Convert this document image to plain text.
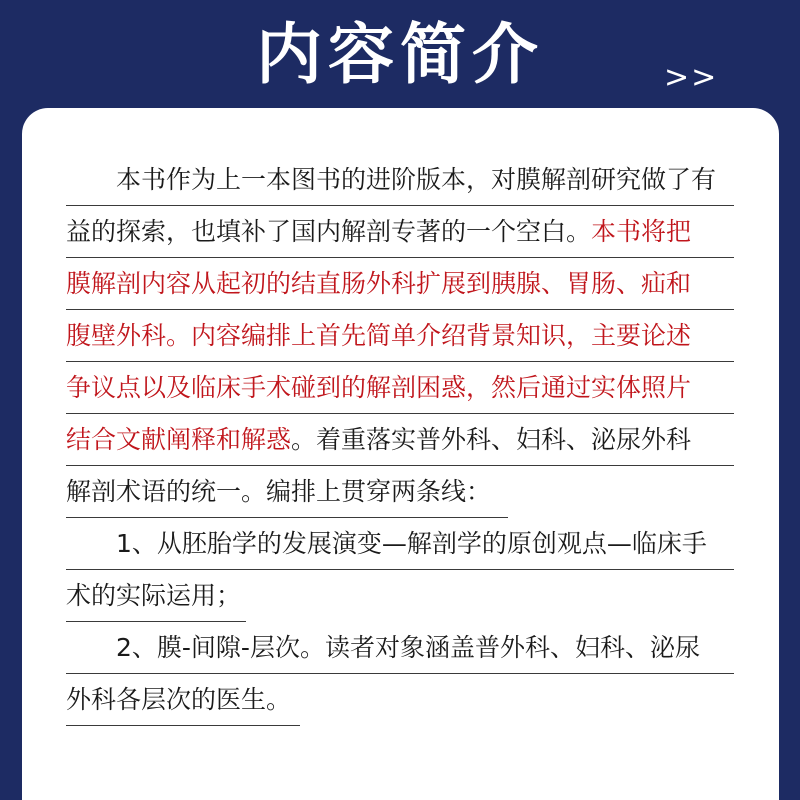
内容简介	>>
　　本书作为上一本图书的进阶版本，对膜解剖研究做了有
益的探索，也填补了国内解剖专著的一个空白。本书将把
膜解剖内容从起初的结直肠外科扩展到胰腺、胃肠、疝和
腹壁外科。内容编排上首先简单介绍背景知识，主要论述
争议点以及临床手术碰到的解剖困惑，然后通过实体照片
结合文献阐释和解惑。着重落实普外科、妇科、泌尿外科
解剖术语的统一。编排上贯穿两条线：
　　1、从胚胎学的发展演变—解剖学的原创观点—临床手
术的实际运用；
　　2、膜-间隙-层次。读者对象涵盖普外科、妇科、泌尿
外科各层次的医生。
